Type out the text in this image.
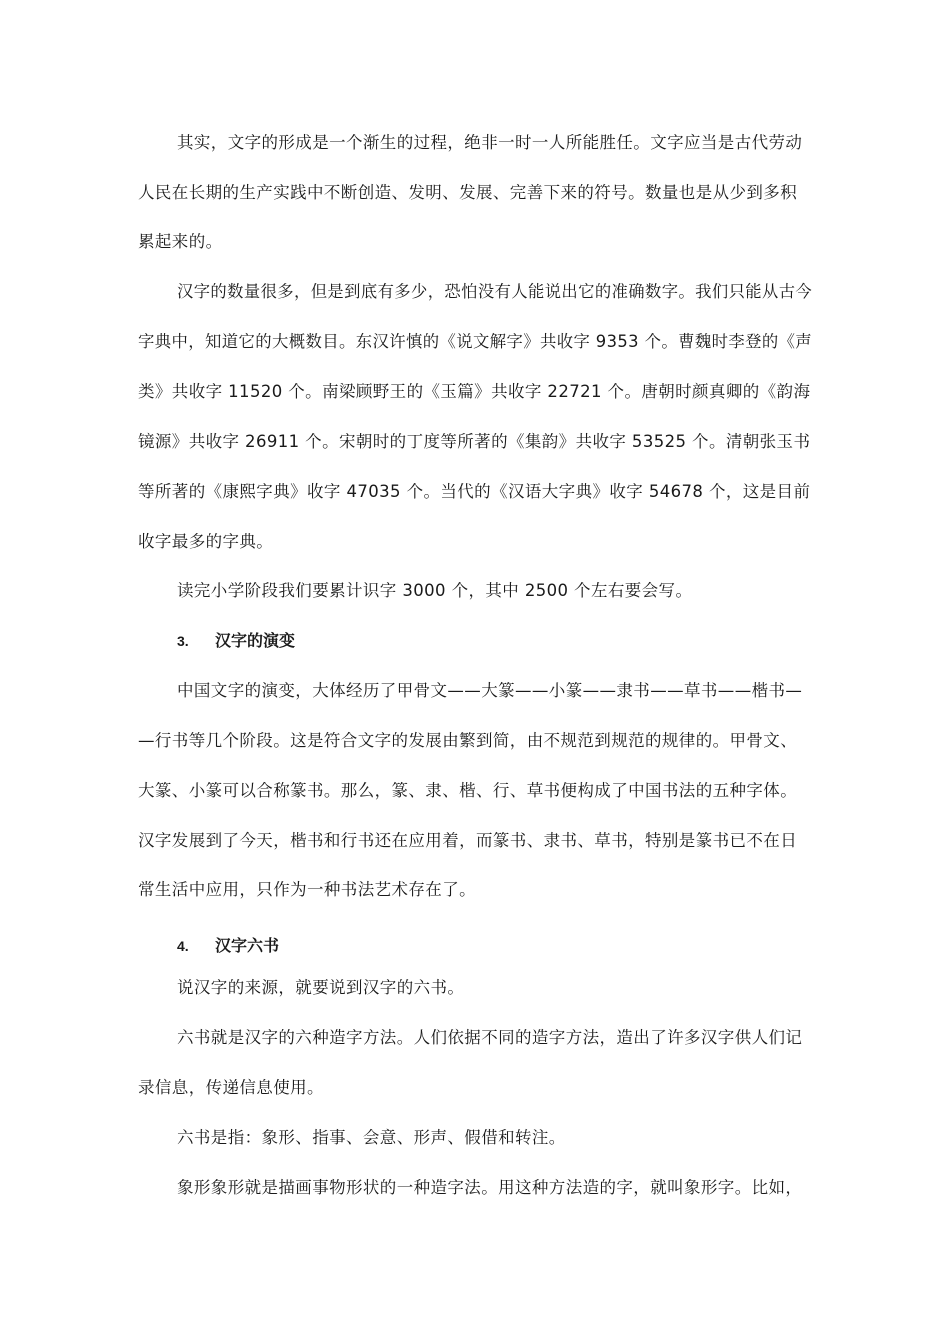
其实，文字的形成是一个渐生的过程，绝非一时一人所能胜任。文字应当是古代劳动
人民在长期的生产实践中不断创造、发明、发展、完善下来的符号。数量也是从少到多积
累起来的。
汉字的数量很多，但是到底有多少，恐怕没有人能说出它的准确数字。我们只能从古今
字典中，知道它的大概数目。东汉许慎的《说文解字》共收字 9353 个。曹魏时李登的《声
类》共收字 11520 个。南梁顾野王的《玉篇》共收字 22721 个。唐朝时颜真卿的《韵海
镜源》共收字 26911 个。宋朝时的丁度等所著的《集韵》共收字 53525 个。清朝张玉书
等所著的《康熙字典》收字 47035 个。当代的《汉语大字典》收字 54678 个，这是目前
收字最多的字典。
读完小学阶段我们要累计识字 3000 个，其中 2500 个左右要会写。
3. 汉字的演变
中国文字的演变，大体经历了甲骨文——大篆——小篆——隶书——草书——楷书—
—行书等几个阶段。这是符合文字的发展由繁到简，由不规范到规范的规律的。甲骨文、
大篆、小篆可以合称篆书。那么，篆、隶、楷、行、草书便构成了中国书法的五种字体。
汉字发展到了今天，楷书和行书还在应用着，而篆书、隶书、草书，特别是篆书已不在日
常生活中应用，只作为一种书法艺术存在了。
4. 汉字六书
说汉字的来源，就要说到汉字的六书。
六书就是汉字的六种造字方法。人们依据不同的造字方法，造出了许多汉字供人们记
录信息，传递信息使用。
六书是指：象形、指事、会意、形声、假借和转注。
象形象形就是描画事物形状的一种造字法。用这种方法造的字，就叫象形字。比如，
